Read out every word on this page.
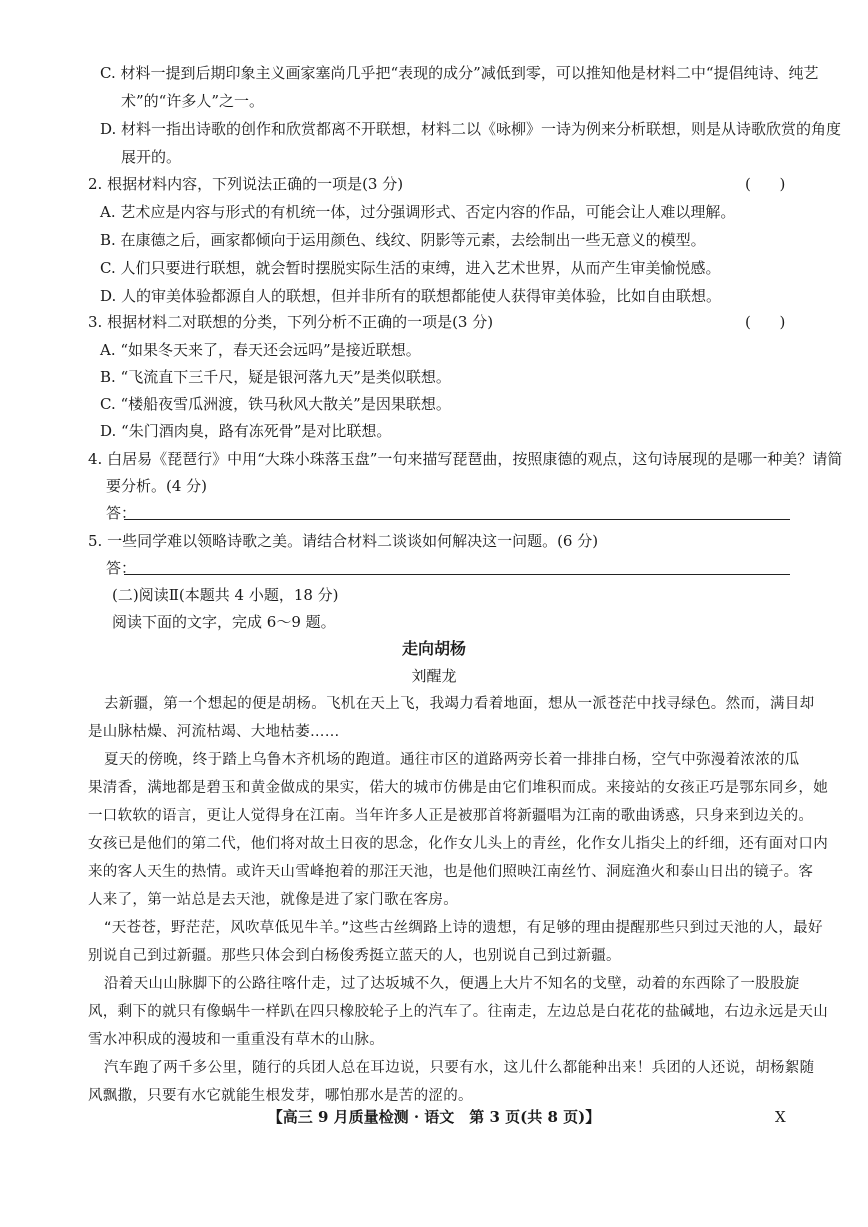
C. 材料一提到后期印象主义画家塞尚几乎把“表现的成分”减低到零，可以推知他是材料二中“提倡纯诗、纯艺
术”的“许多人”之一。
D. 材料一指出诗歌的创作和欣赏都离不开联想，材料二以《咏柳》一诗为例来分析联想，则是从诗歌欣赏的角度
展开的。
2. 根据材料内容，下列说法正确的一项是(3 分)	(      )
A. 艺术应是内容与形式的有机统一体，过分强调形式、否定内容的作品，可能会让人难以理解。
B. 在康德之后，画家都倾向于运用颜色、线纹、阴影等元素，去绘制出一些无意义的模型。
C. 人们只要进行联想，就会暂时摆脱实际生活的束缚，进入艺术世界，从而产生审美愉悦感。
D. 人的审美体验都源自人的联想，但并非所有的联想都能使人获得审美体验，比如自由联想。
3. 根据材料二对联想的分类，下列分析不正确的一项是(3 分)	(      )
A. “如果冬天来了，春天还会远吗”是接近联想。
B. “飞流直下三千尺，疑是银河落九天”是类似联想。
C. “楼船夜雪瓜洲渡，铁马秋风大散关”是因果联想。
D. “朱门酒肉臭，路有冻死骨”是对比联想。
4. 白居易《琵琶行》中用“大珠小珠落玉盘”一句来描写琵琶曲，按照康德的观点，这句诗展现的是哪一种美？请简
要分析。(4 分)
答：
5. 一些同学难以领略诗歌之美。请结合材料二谈谈如何解决这一问题。(6 分)
答：
(二)阅读Ⅱ(本题共 4 小题，18 分)
阅读下面的文字，完成 6～9 题。
走向胡杨
刘醒龙
去新疆，第一个想起的便是胡杨。飞机在天上飞，我竭力看着地面，想从一派苍茫中找寻绿色。然而，满目却
是山脉枯燥、河流枯竭、大地枯萎……
夏天的傍晚，终于踏上乌鲁木齐机场的跑道。通往市区的道路两旁长着一排排白杨，空气中弥漫着浓浓的瓜
果清香，满地都是碧玉和黄金做成的果实，偌大的城市仿佛是由它们堆积而成。来接站的女孩正巧是鄂东同乡，她
一口软软的语言，更让人觉得身在江南。当年许多人正是被那首将新疆唱为江南的歌曲诱惑，只身来到边关的。
女孩已是他们的第二代，他们将对故土日夜的思念，化作女儿头上的青丝，化作女儿指尖上的纤细，还有面对口内
来的客人天生的热情。或许天山雪峰抱着的那汪天池，也是他们照映江南丝竹、洞庭渔火和泰山日出的镜子。客
人来了，第一站总是去天池，就像是进了家门歌在客房。
“天苍苍，野茫茫，风吹草低见牛羊。”这些古丝绸路上诗的遗想，有足够的理由提醒那些只到过天池的人，最好
别说自己到过新疆。那些只体会到白杨俊秀挺立蓝天的人，也别说自己到过新疆。
沿着天山山脉脚下的公路往喀什走，过了达坂城不久，便遇上大片不知名的戈壁，动着的东西除了一股股旋
风，剩下的就只有像蜗牛一样趴在四只橡胶轮子上的汽车了。往南走，左边总是白花花的盐碱地，右边永远是天山
雪水冲积成的漫坡和一重重没有草木的山脉。
汽车跑了两千多公里，随行的兵团人总在耳边说，只要有水，这儿什么都能种出来！兵团的人还说，胡杨絮随
风飘撒，只要有水它就能生根发芽，哪怕那水是苦的涩的。
【高三 9 月质量检测 · 语文　第 3 页(共 8 页)】	X
